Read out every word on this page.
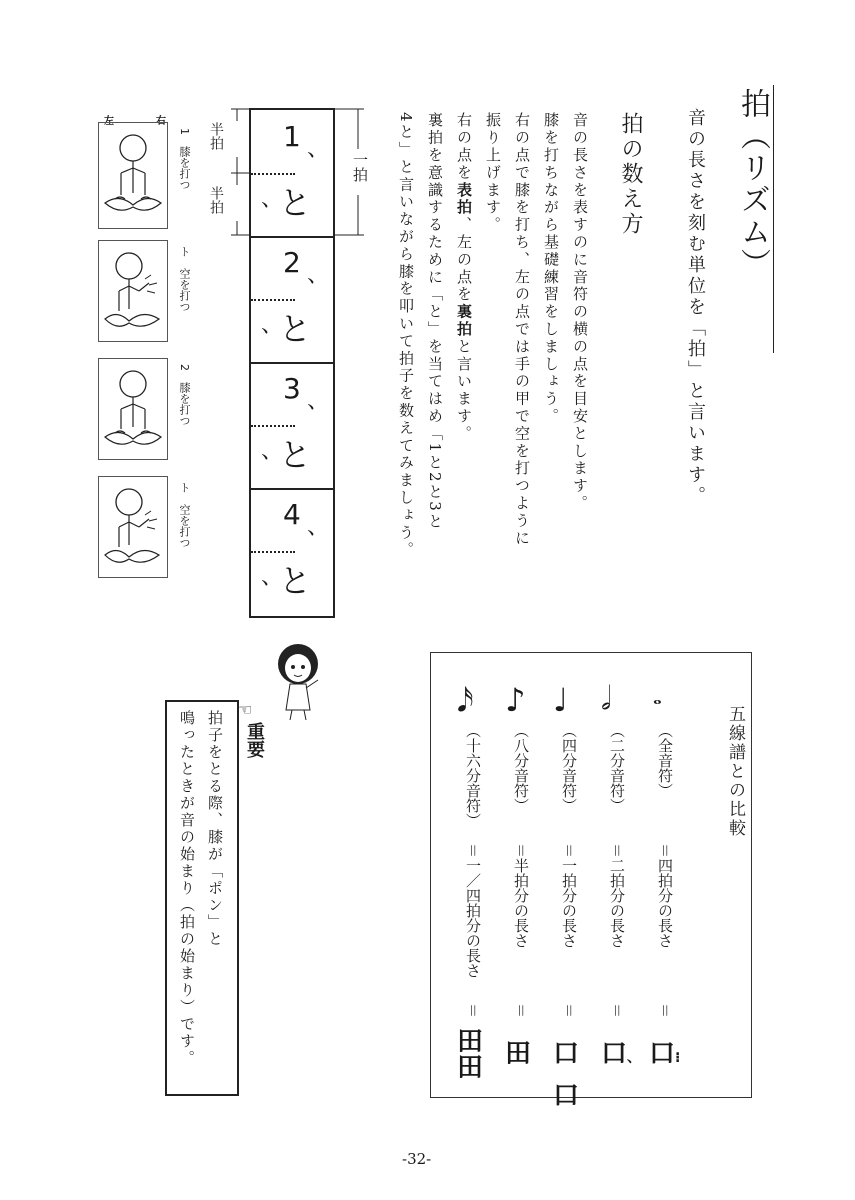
拍（リズム）
音の長さを刻む単位を「拍」と言います。
拍の数え方
音の長さを表すのに音符の横の点を目安とします。
膝を打ちながら基礎練習をしましょう。
右の点で膝を打ち、左の点では手の甲で空を打つように
振り上げます。
右の点を表拍、左の点を裏拍と言います。
裏拍を意識するために「と」を当てはめ「1と2と3と
4と」と言いながら膝を叩いて拍子を数えてみましょう。
1 、
、
と
2 、
、
と
3 、
、
と
4 、
、
と
一拍
半拍
半拍
左	右
1　膝を打つ
ト　空を打つ
2　膝を打つ
ト　空を打つ
五線譜との比較
𝅝
（全音符）
＝四拍分の長さ
＝
口⁝
𝅗𝅥
（二分音符）
＝二拍分の長さ
＝
口、
♩
（四分音符）
＝一拍分の長さ
＝
口
口
♪
（八分音符）
＝半拍分の長さ
＝
田
𝅘𝅥𝅯
（十六分音符）
＝一／四拍分の長さ
＝
田
田
☜
重要
拍子をとる際、膝が「ポン」と
鳴ったときが音の始まり（拍の始まり）です。
-32-
